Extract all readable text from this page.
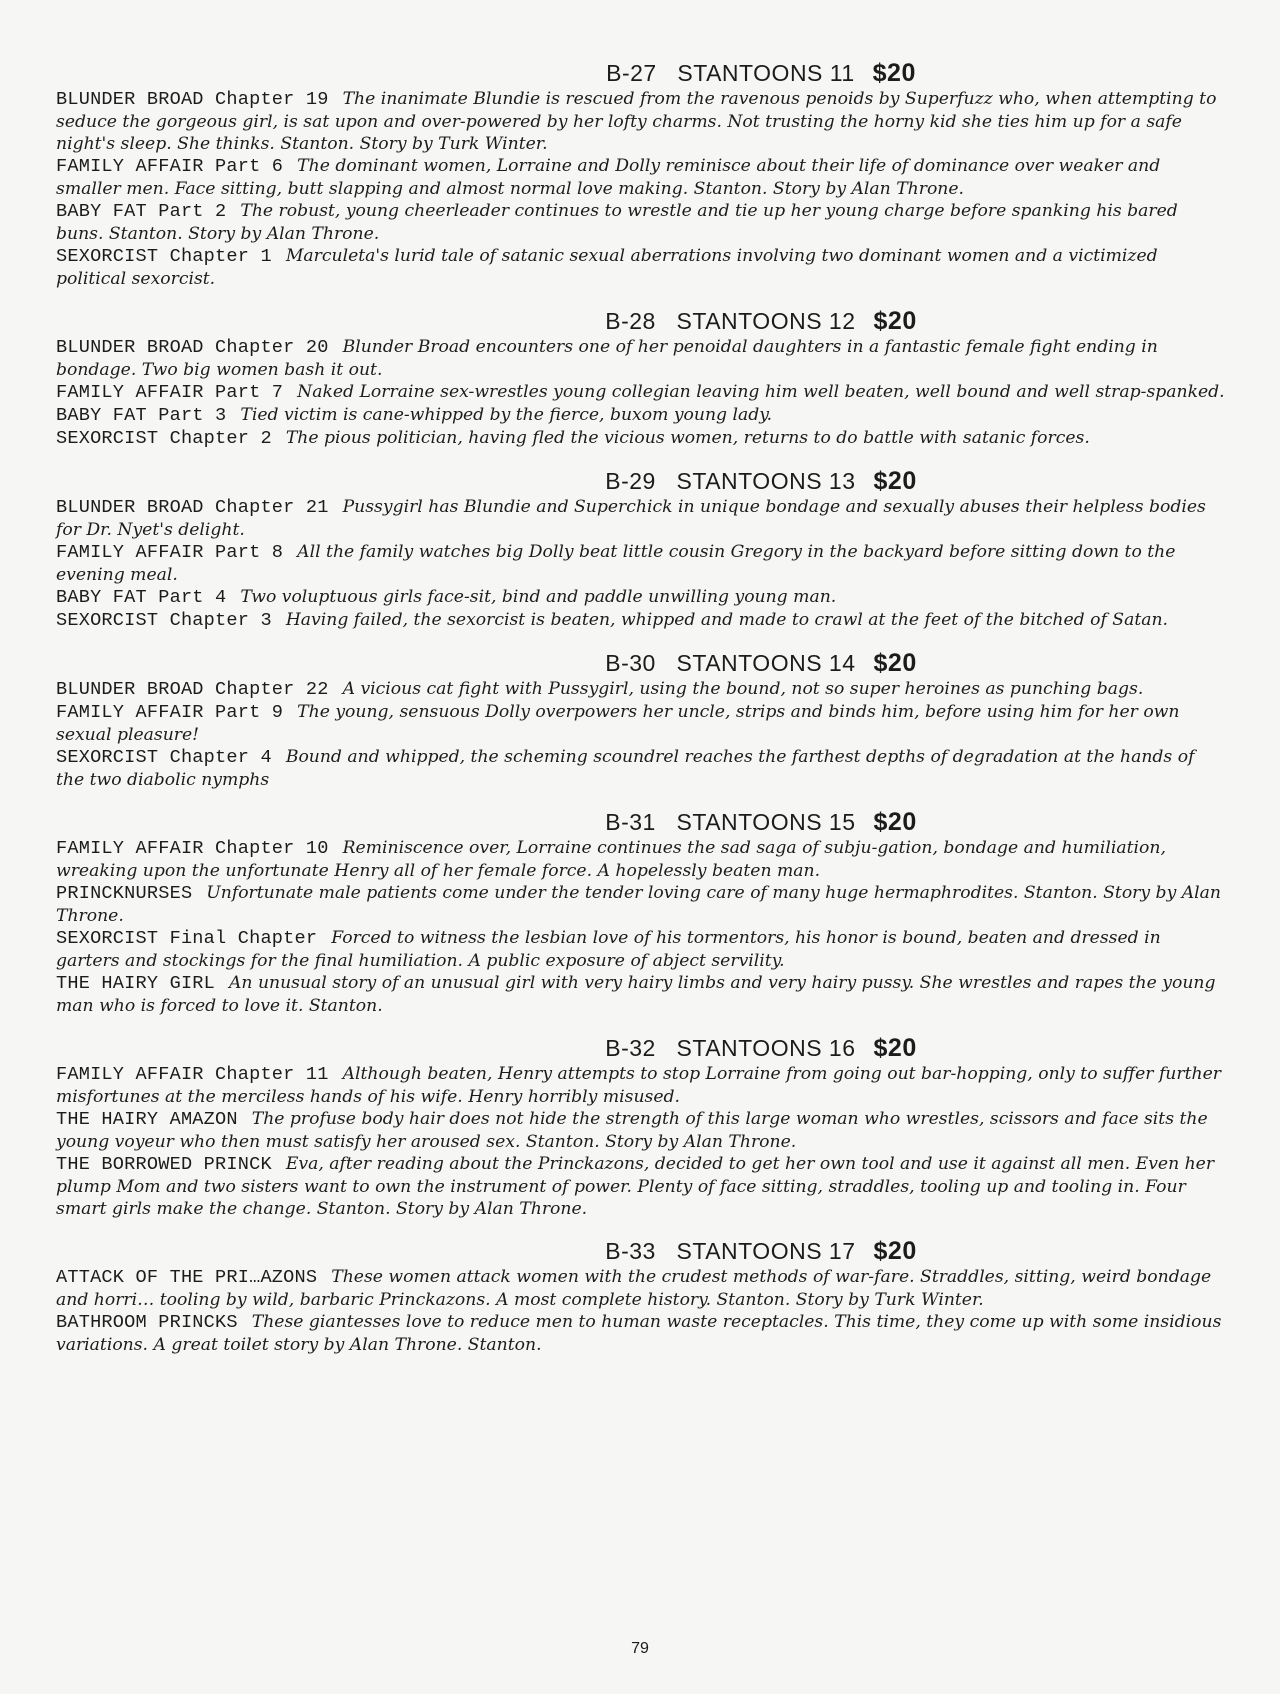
B-27 STANTOONS 11 $20

BLUNDER BROAD Chapter 19 The inanimate Blundie is rescued from the ravenous penoids by Superfuzz who, when attempting to seduce the gorgeous girl, is sat upon and over-powered by her lofty charms. Not trusting the horny kid she ties him up for a safe night's sleep. She thinks. Stanton. Story by Turk Winter.

FAMILY AFFAIR Part 6 The dominant women, Lorraine and Dolly reminisce about their life of dominance over weaker and smaller men. Face sitting, butt slapping and almost normal love making. Stanton. Story by Alan Throne.

BABY FAT Part 2 The robust, young cheerleader continues to wrestle and tie up her young charge before spanking his bared buns. Stanton. Story by Alan Throne.

SEXORCIST Chapter 1 Marculeta's lurid tale of satanic sexual aberrations involving two dominant women and a victimized political sexorcist.

B-28 STANTOONS 12 $20

BLUNDER BROAD Chapter 20 Blunder Broad encounters one of her penoidal daughters in a fantastic female fight ending in bondage. Two big women bash it out.

FAMILY AFFAIR Part 7 Naked Lorraine sex-wrestles young collegian leaving him well beaten, well bound and well strap-spanked.

BABY FAT Part 3 Tied victim is cane-whipped by the fierce, buxom young lady.

SEXORCIST Chapter 2 The pious politician, having fled the vicious women, returns to do battle with satanic forces.

B-29 STANTOONS 13 $20

BLUNDER BROAD Chapter 21 Pussygirl has Blundie and Superchick in unique bondage and sexually abuses their helpless bodies for Dr. Nyet's delight.

FAMILY AFFAIR Part 8 All the family watches big Dolly beat little cousin Gregory in the backyard before sitting down to the evening meal.

BABY FAT Part 4 Two voluptuous girls face-sit, bind and paddle unwilling young man.

SEXORCIST Chapter 3 Having failed, the sexorcist is beaten, whipped and made to crawl at the feet of the bitched of Satan.

B-30 STANTOONS 14 $20

BLUNDER BROAD Chapter 22 A vicious cat fight with Pussygirl, using the bound, not so super heroines as punching bags.

FAMILY AFFAIR Part 9 The young, sensuous Dolly overpowers her uncle, strips and binds him, before using him for her own sexual pleasure!

SEXORCIST Chapter 4 Bound and whipped, the scheming scoundrel reaches the farthest depths of degradation at the hands of the two diabolic nymphs

B-31 STANTOONS 15 $20

FAMILY AFFAIR Chapter 10 Reminiscence over, Lorraine continues the sad saga of subju-gation, bondage and humiliation, wreaking upon the unfortunate Henry all of her female force. A hopelessly beaten man.

PRINCKNURSES Unfortunate male patients come under the tender loving care of many huge hermaphrodites. Stanton. Story by Alan Throne.

SEXORCIST Final Chapter Forced to witness the lesbian love of his tormentors, his honor is bound, beaten and dressed in garters and stockings for the final humiliation. A public exposure of abject servility.

THE HAIRY GIRL An unusual story of an unusual girl with very hairy limbs and very hairy pussy. She wrestles and rapes the young man who is forced to love it. Stanton.

B-32 STANTOONS 16 $20

FAMILY AFFAIR Chapter 11 Although beaten, Henry attempts to stop Lorraine from going out bar-hopping, only to suffer further misfortunes at the merciless hands of his wife. Henry horribly misused.

THE HAIRY AMAZON The profuse body hair does not hide the strength of this large woman who wrestles, scissors and face sits the young voyeur who then must satisfy her aroused sex. Stanton. Story by Alan Throne.

THE BORROWED PRINCK Eva, after reading about the Princkazons, decided to get her own tool and use it against all men. Even her plump Mom and two sisters want to own the instrument of power. Plenty of face sitting, straddles, tooling up and tooling in. Four smart girls make the change. Stanton. Story by Alan Throne.

B-33 STANTOONS 17 $20

ATTACK OF THE PRI…AZONS These women attack women with the crudest methods of war-fare. Straddles, sitting, weird bondage and horri… tooling by wild, barbaric Princkazons. A most complete history. Stanton. Story by Turk Winter.

BATHROOM PRINCKS These giantesses love to reduce men to human waste receptacles. This time, they come up with some insidious variations. A great toilet story by Alan Throne. Stanton.

79
